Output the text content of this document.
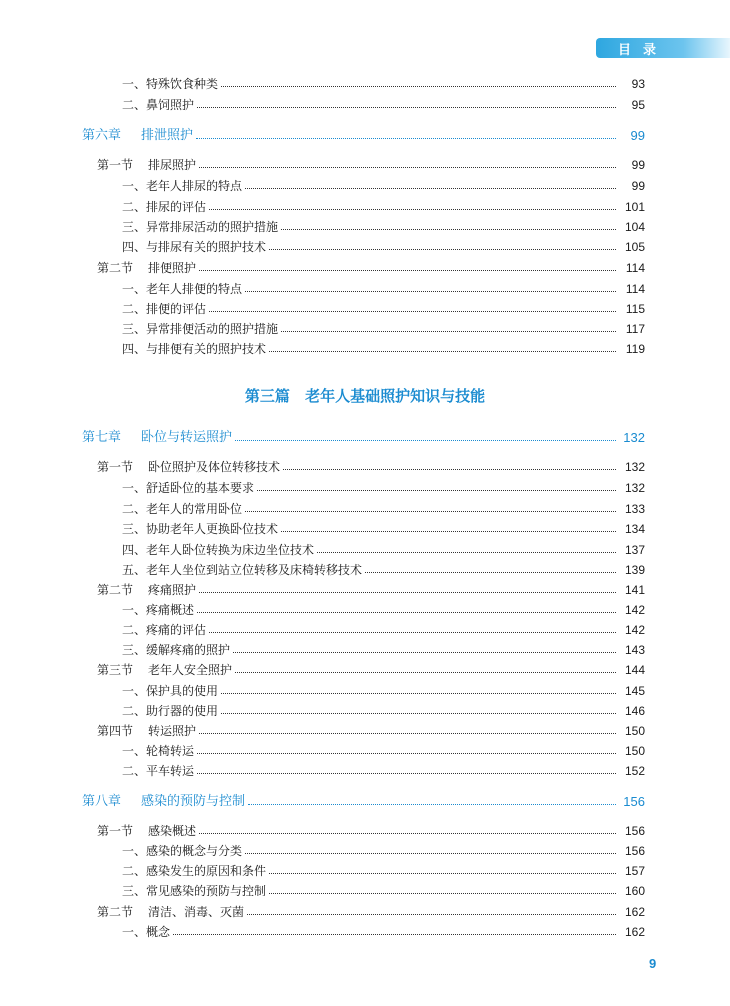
目录
一、特殊饮食种类	93
二、鼻饲照护	95
第六章 排泄照护	99
第一节 排尿照护	99
一、老年人排尿的特点	99
二、排尿的评估	101
三、异常排尿活动的照护措施	104
四、与排尿有关的照护技术	105
第二节 排便照护	114
一、老年人排便的特点	114
二、排便的评估	115
三、异常排便活动的照护措施	117
四、与排便有关的照护技术	119
第三篇 老年人基础照护知识与技能
第七章 卧位与转运照护	132
第一节 卧位照护及体位转移技术	132
一、舒适卧位的基本要求	132
二、老年人的常用卧位	133
三、协助老年人更换卧位技术	134
四、老年人卧位转换为床边坐位技术	137
五、老年人坐位到站立位转移及床椅转移技术	139
第二节 疼痛照护	141
一、疼痛概述	142
二、疼痛的评估	142
三、缓解疼痛的照护	143
第三节 老年人安全照护	144
一、保护具的使用	145
二、助行器的使用	146
第四节 转运照护	150
一、轮椅转运	150
二、平车转运	152
第八章 感染的预防与控制	156
第一节 感染概述	156
一、感染的概念与分类	156
二、感染发生的原因和条件	157
三、常见感染的预防与控制	160
第二节 清洁、消毒、灭菌	162
一、概念	162
9
